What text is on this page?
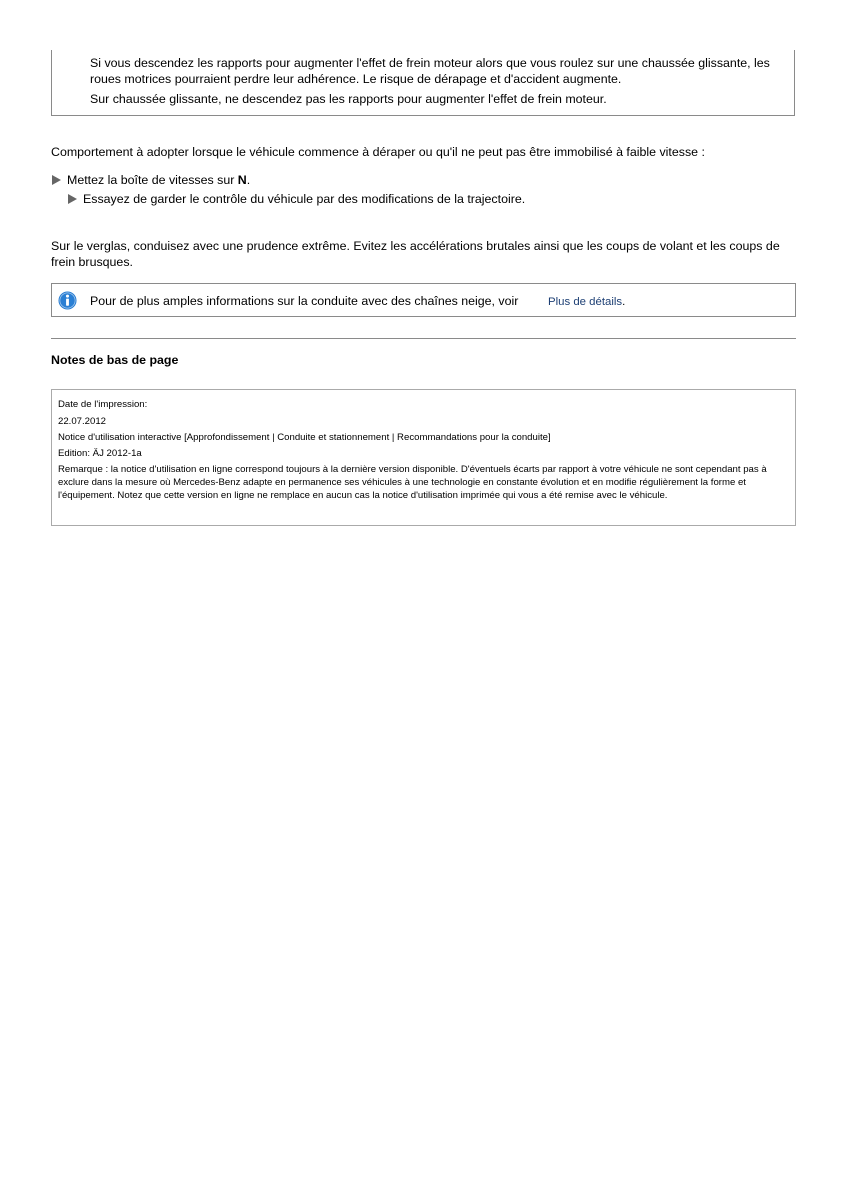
Si vous descendez les rapports pour augmenter l'effet de frein moteur alors que vous roulez sur une chaussée glissante, les roues motrices pourraient perdre leur adhérence. Le risque de dérapage et d'accident augmente.

Sur chaussée glissante, ne descendez pas les rapports pour augmenter l'effet de frein moteur.

Comportement à adopter lorsque le véhicule commence à déraper ou qu'il ne peut pas être immobilisé à faible vitesse :

Mettez la boîte de vitesses sur N.
Essayez de garder le contrôle du véhicule par des modifications de la trajectoire.

Sur le verglas, conduisez avec une prudence extrême. Evitez les accélérations brutales ainsi que les coups de volant et les coups de frein brusques.

Pour de plus amples informations sur la conduite avec des chaînes neige, voir	Plus de détails.
Notes de bas de page

Date de l'impression:

22.07.2012

Notice d'utilisation interactive [Approfondissement | Conduite et stationnement | Recommandations pour la conduite]

Edition: ÄJ 2012-1a

Remarque : la notice d'utilisation en ligne correspond toujours à la dernière version disponible. D'éventuels écarts par rapport à votre véhicule ne sont cependant pas à exclure dans la mesure où Mercedes-Benz adapte en permanence ses véhicules à une technologie en constante évolution et en modifie régulièrement la forme et l'équipement. Notez que cette version en ligne ne remplace en aucun cas la notice d'utilisation imprimée qui vous a été remise avec le véhicule.
